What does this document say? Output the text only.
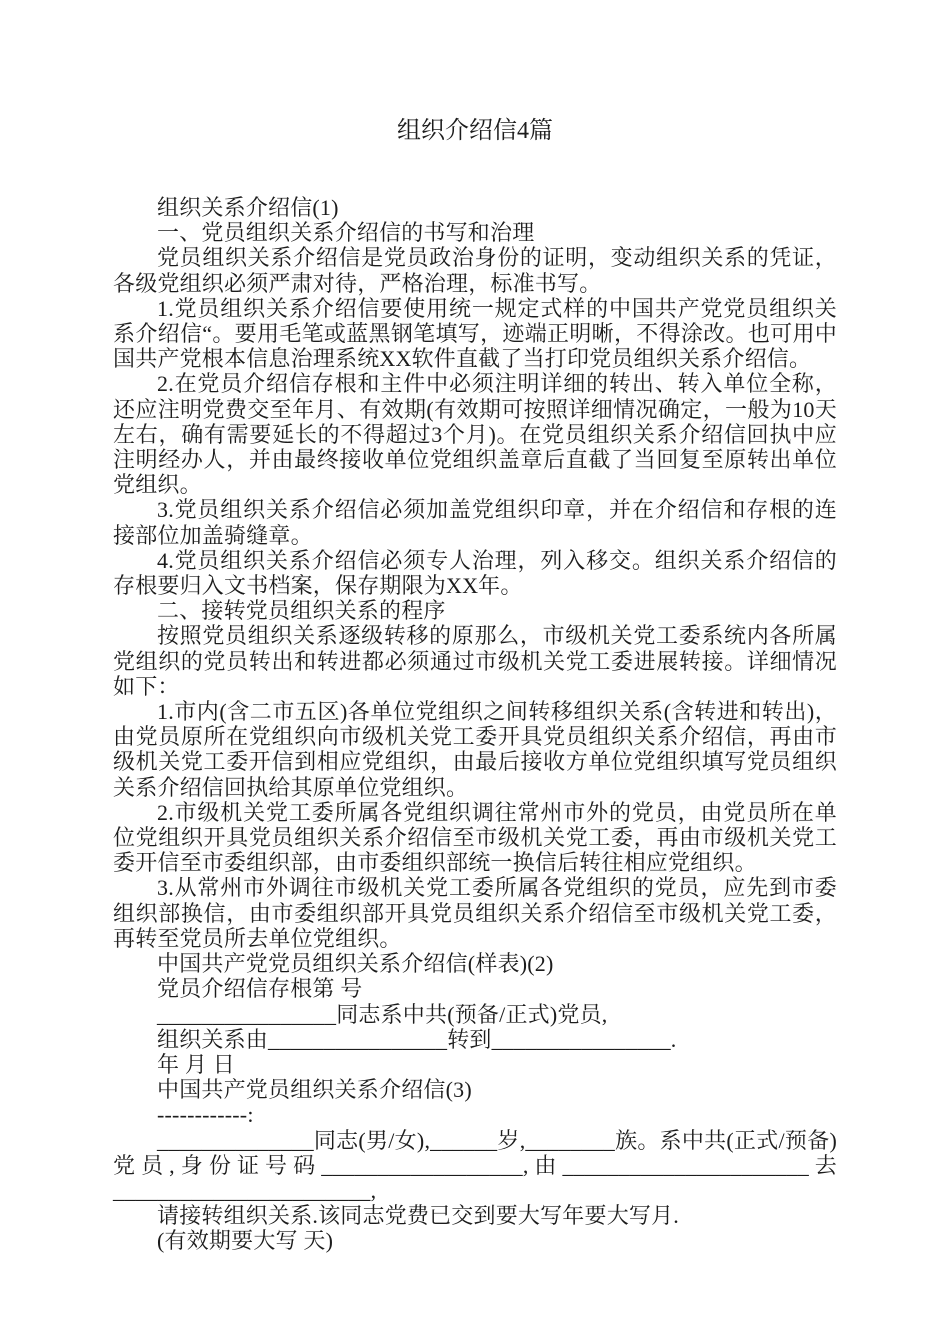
组织介绍信4篇

组织关系介绍信(1)

一、党员组织关系介绍信的书写和治理

党员组织关系介绍信是党员政治身份的证明，变动组织关系的凭证，各级党组织必须严肃对待，严格治理，标准书写。

1.党员组织关系介绍信要使用统一规定式样的中国共产党党员组织关系介绍信“。要用毛笔或蓝黑钢笔填写，迹端正明晰，不得涂改。也可用中国共产党根本信息治理系统XX软件直截了当打印党员组织关系介绍信。

2.在党员介绍信存根和主件中必须注明详细的转出、转入单位全称，还应注明党费交至年月、有效期(有效期可按照详细情况确定，一般为10天左右，确有需要延长的不得超过3个月)。在党员组织关系介绍信回执中应注明经办人，并由最终接收单位党组织盖章后直截了当回复至原转出单位党组织。

3.党员组织关系介绍信必须加盖党组织印章，并在介绍信和存根的连接部位加盖骑缝章。

4.党员组织关系介绍信必须专人治理，列入移交。组织关系介绍信的存根要归入文书档案，保存期限为XX年。

二、接转党员组织关系的程序

按照党员组织关系逐级转移的原那么，市级机关党工委系统内各所属党组织的党员转出和转进都必须通过市级机关党工委进展转接。详细情况如下：

1.市内(含二市五区)各单位党组织之间转移组织关系(含转进和转出)，由党员原所在党组织向市级机关党工委开具党员组织关系介绍信，再由市级机关党工委开信到相应党组织，由最后接收方单位党组织填写党员组织关系介绍信回执给其原单位党组织。

2.市级机关党工委所属各党组织调往常州市外的党员，由党员所在单位党组织开具党员组织关系介绍信至市级机关党工委，再由市级机关党工委开信至市委组织部，由市委组织部统一换信后转往相应党组织。

3.从常州市外调往市级机关党工委所属各党组织的党员，应先到市委组织部换信，由市委组织部开具党员组织关系介绍信至市级机关党工委，再转至党员所去单位党组织。

中国共产党党员组织关系介绍信(样表)(2)

党员介绍信存根第 号

________________同志系中共(预备/正式)党员,

组织关系由________________转到________________.

年 月 日

中国共产党员组织关系介绍信(3)

------------:

______________同志(男/女),______岁,________族。系中共(正式/预备)党员,身份证号码__________________,由______________________去_______________________,

请接转组织关系.该同志党费已交到要大写年要大写月.

(有效期要大写 天)
